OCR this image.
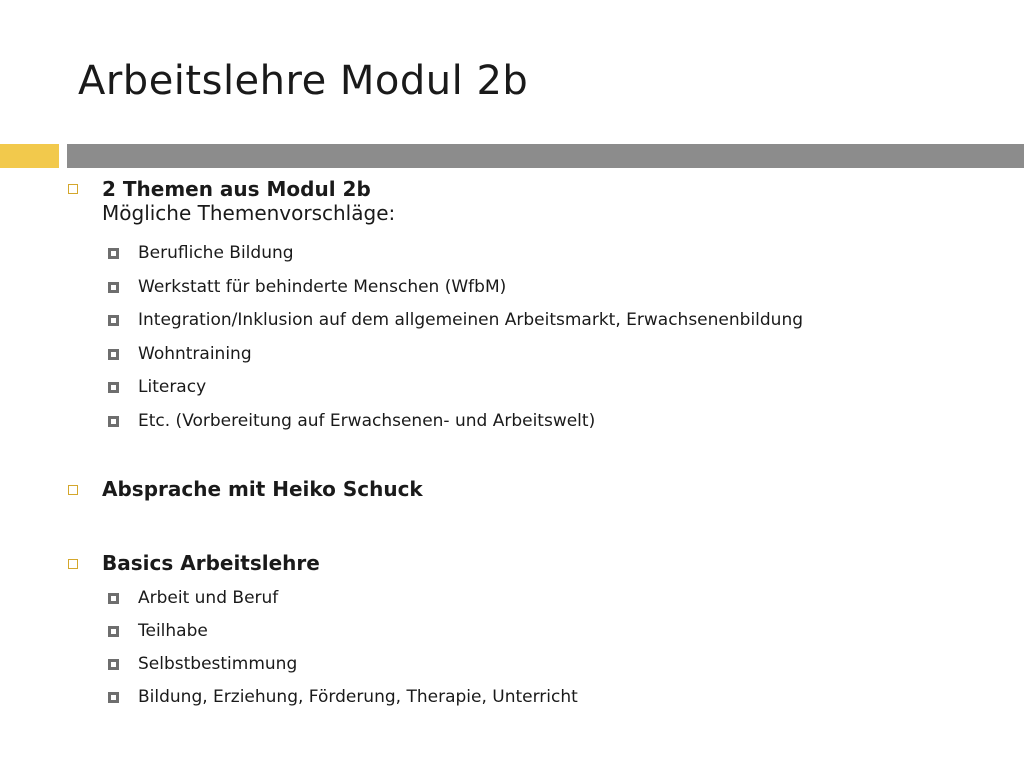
Arbeitslehre Modul 2b
2 Themen aus Modul 2b
Mögliche Themenvorschläge:
Berufliche Bildung
Werkstatt für behinderte Menschen (WfbM)
Integration/Inklusion auf dem allgemeinen Arbeitsmarkt, Erwachsenenbildung
Wohntraining
Literacy
Etc. (Vorbereitung auf Erwachsenen- und Arbeitswelt)
Absprache mit Heiko Schuck
Basics Arbeitslehre
Arbeit und Beruf
Teilhabe
Selbstbestimmung
Bildung, Erziehung, Förderung, Therapie, Unterricht
